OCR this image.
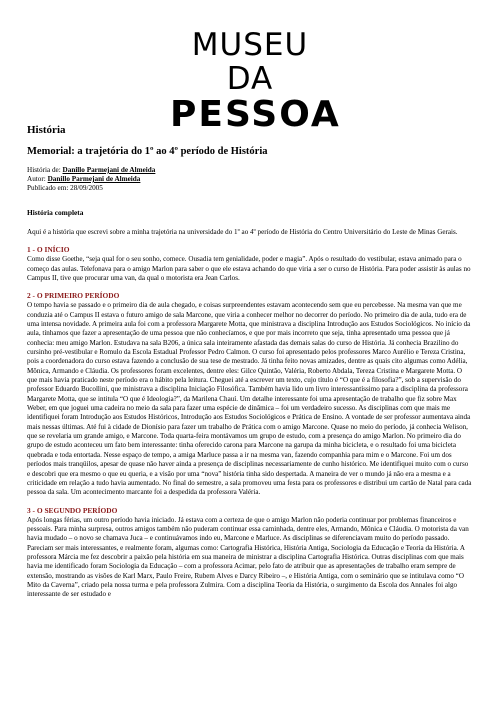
MUSEU DA
PESSOA
História
Memorial: a trajetória do 1º ao 4º período de História
História de: Danillo Parmejani de Almeida
Autor: Danillo Parmejani de Almeida
Publicado em: 28/09/2005
História completa
Aqui é a história que escrevi sobre a minha trajetória na universidade do 1º ao 4º período de História do Centro Universitário do Leste de Minas Gerais.
1 - O INÍCIO
Como disse Goethe, “seja qual for o seu sonho, comece. Ousadia tem genialidade, poder e magia”. Após o resultado do vestibular, estava animado para o começo das aulas. Telefonava para o amigo Marlon para saber o que ele estava achando do que viria a ser o curso de História. Para poder assistir às aulas no Campus II, tive que procurar uma van, da qual o motorista era Jean Carlos.
2 - O PRIMEIRO PERÍODO
O tempo havia se passado e o primeiro dia de aula chegado, e coisas surpreendentes estavam acontecendo sem que eu percebesse. Na mesma van que me conduzia até o Campus II estava o futuro amigo de sala Marcone, que viria a conhecer melhor no decorrer do período. No primeiro dia de aula, tudo era de uma intensa novidade. A primeira aula foi com a professora Margarete Motta, que ministrava a disciplina Introdução aos Estudos Sociológicos. No início da aula, tínhamos que fazer a apresentação de uma pessoa que não conhecíamos, e que por mais incorreto que seja, tinha apresentado uma pessoa que já conhecia: meu amigo Marlon. Estudava na sala B206, a única sala inteiramente afastada das demais salas do curso de História. Já conhecia Brazilino do cursinho pré-vestibular e Romulo da Escola Estadual Professor Pedro Calmon. O curso foi apresentado pelos professores Marco Aurélio e Tereza Cristina, pois a coordenadora do curso estava fazendo a conclusão de sua tese de mestrado. Já tinha feito novas amizades, dentre as quais cito algumas como Adélia, Mônica, Armando e Cláudia. Os professores foram excelentes, dentre eles: Gilce Quintão, Valéria, Roberto Abdala, Tereza Cristina e Margarete Motta. O que mais havia praticado neste período era o hábito pela leitura. Cheguei até a escrever um texto, cujo título é “O que é a filosofia?”, sob a supervisão do professor Eduardo Bucollini, que ministrava a disciplina Iniciação Filosófica. Também havia lido um livro interessantíssimo para a disciplina da professora Margarete Motta, que se intitula “O que é Ideologia?”, da Marilena Chauí. Um detalhe interessante foi uma apresentação de trabalho que fiz sobre Max Weber, em que joguei uma cadeira no meio da sala para fazer uma espécie de dinâmica – foi um verdadeiro sucesso. As disciplinas com que mais me identifiquei foram Introdução aos Estudos Históricos, Introdução aos Estudos Sociológicos e Prática de Ensino. A vontade de ser professor aumentava ainda mais nessas últimas. Até fui à cidade de Dionísio para fazer um trabalho de Prática com o amigo Marcone. Quase no meio do período, já conhecia Welison, que se revelaria um grande amigo, e Marcone. Toda quarta-feira montávamos um grupo de estudo, com a presença do amigo Marlon. No primeiro dia do grupo de estudo aconteceu um fato bem interessante: tinha oferecido carona para Marcone na garupa da minha bicicleta, e o resultado foi uma bicicleta quebrada e toda entortada. Nesse espaço de tempo, a amiga Marluce passa a ir na mesma van, fazendo companhia para mim e o Marcone. Foi um dos períodos mais tranqüilos, apesar de quase não haver ainda a presença de disciplinas necessariamente de cunho histórico. Me identifiquei muito com o curso e descobri que era mesmo o que eu queria, e a visão por uma “nova” história tinha sido despertada. A maneira de ver o mundo já não era a mesma e a criticidade em relação a tudo havia aumentado. No final do semestre, a sala promoveu uma festa para os professores e distribui um cartão de Natal para cada pessoa da sala. Um acontecimento marcante foi a despedida da professora Valéria.
3 - O SEGUNDO PERÍODO
Após longas férias, um outro período havia iniciado. Já estava com a certeza de que o amigo Marlon não poderia continuar por problemas financeiros e pessoais. Para minha surpresa, outros amigos também não puderam continuar essa caminhada, dentre eles, Armando, Mônica e Cláudia. O motorista da van havia mudado – o novo se chamava Juca – e continuávamos indo eu, Marcone e Marluce. As disciplinas se diferenciavam muito do período passado. Pareciam ser mais interessantes, e realmente foram, algumas como: Cartografia Histórica, História Antiga, Sociologia da Educação e Teoria da História. A professora Márcia me fez descobrir a paixão pela história em sua maneira de ministrar a disciplina Cartografia Histórica. Outras disciplinas com que mais havia me identificado foram Sociologia da Educação – com a professora Acimar, pelo fato de atribuir que as apresentações de trabalho eram sempre de extensão, mostrando as visões de Karl Marx, Paulo Freire, Rubem Alves e Darcy Ribeiro –, e História Antiga, com o seminário que se intitulava como “O Mito da Caverna”, criado pela nossa turma e pela professora Zulmira. Com a disciplina Teoria da História, o surgimento da Escola dos Annales foi algo interessante de ser estudado e
